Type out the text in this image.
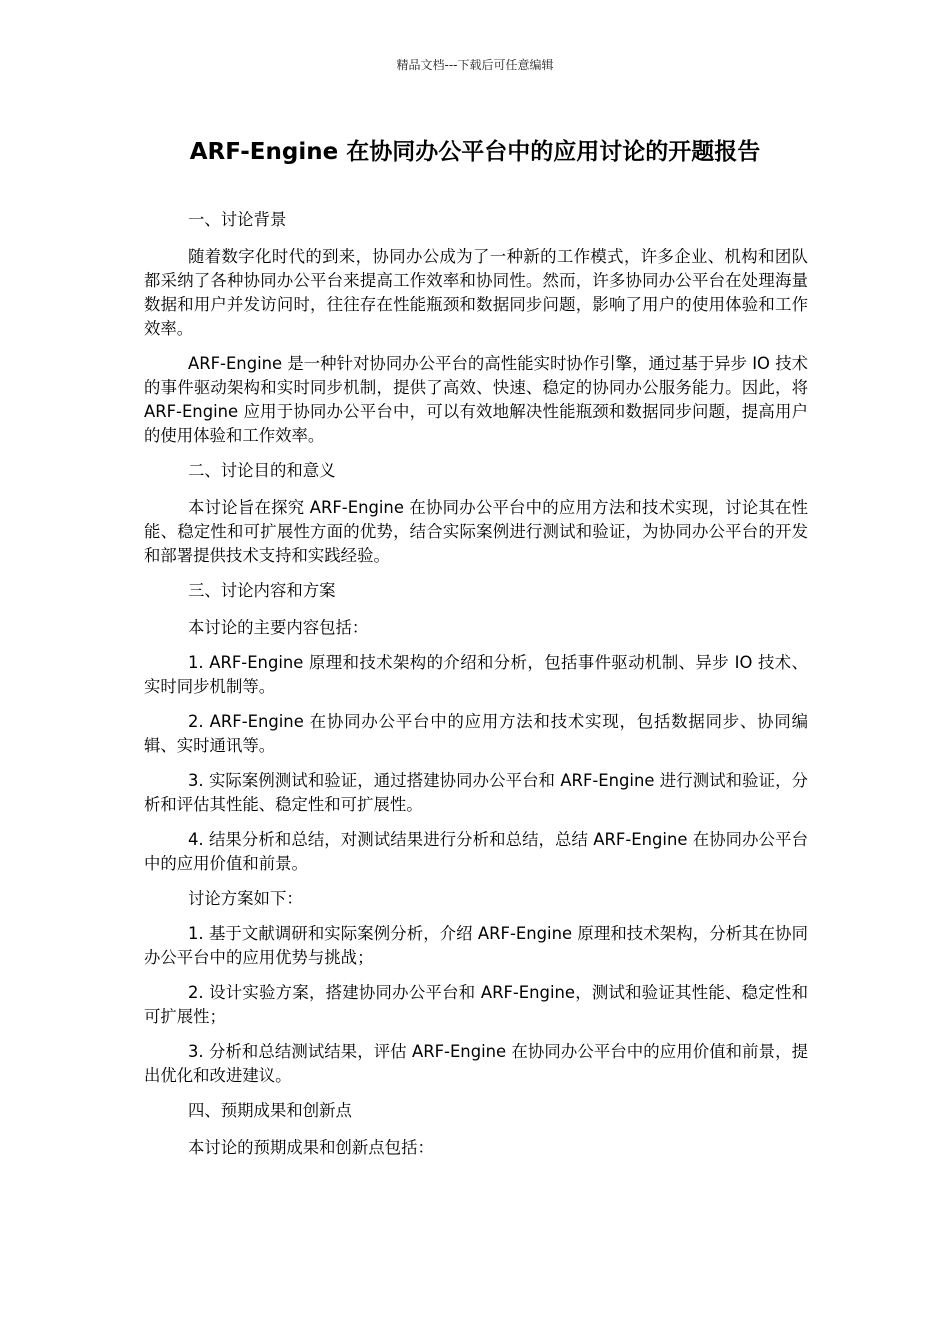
精品文档---下载后可任意编辑
ARF-Engine 在协同办公平台中的应用讨论的开题报告

一、讨论背景

随着数字化时代的到来，协同办公成为了一种新的工作模式，许多企业、机构和团队都采纳了各种协同办公平台来提高工作效率和协同性。然而，许多协同办公平台在处理海量数据和用户并发访问时，往往存在性能瓶颈和数据同步问题，影响了用户的使用体验和工作效率。

ARF-Engine 是一种针对协同办公平台的高性能实时协作引擎，通过基于异步 IO 技术的事件驱动架构和实时同步机制，提供了高效、快速、稳定的协同办公服务能力。因此，将 ARF-Engine 应用于协同办公平台中，可以有效地解决性能瓶颈和数据同步问题，提高用户的使用体验和工作效率。

二、讨论目的和意义

本讨论旨在探究 ARF-Engine 在协同办公平台中的应用方法和技术实现，讨论其在性能、稳定性和可扩展性方面的优势，结合实际案例进行测试和验证，为协同办公平台的开发和部署提供技术支持和实践经验。

三、讨论内容和方案

本讨论的主要内容包括：

1. ARF-Engine 原理和技术架构的介绍和分析，包括事件驱动机制、异步 IO 技术、实时同步机制等。

2. ARF-Engine 在协同办公平台中的应用方法和技术实现，包括数据同步、协同编辑、实时通讯等。

3. 实际案例测试和验证，通过搭建协同办公平台和 ARF-Engine 进行测试和验证，分析和评估其性能、稳定性和可扩展性。

4. 结果分析和总结，对测试结果进行分析和总结，总结 ARF-Engine 在协同办公平台中的应用价值和前景。

讨论方案如下：

1. 基于文献调研和实际案例分析，介绍 ARF-Engine 原理和技术架构，分析其在协同办公平台中的应用优势与挑战；

2. 设计实验方案，搭建协同办公平台和 ARF-Engine，测试和验证其性能、稳定性和可扩展性；

3. 分析和总结测试结果，评估 ARF-Engine 在协同办公平台中的应用价值和前景，提出优化和改进建议。

四、预期成果和创新点

本讨论的预期成果和创新点包括：
